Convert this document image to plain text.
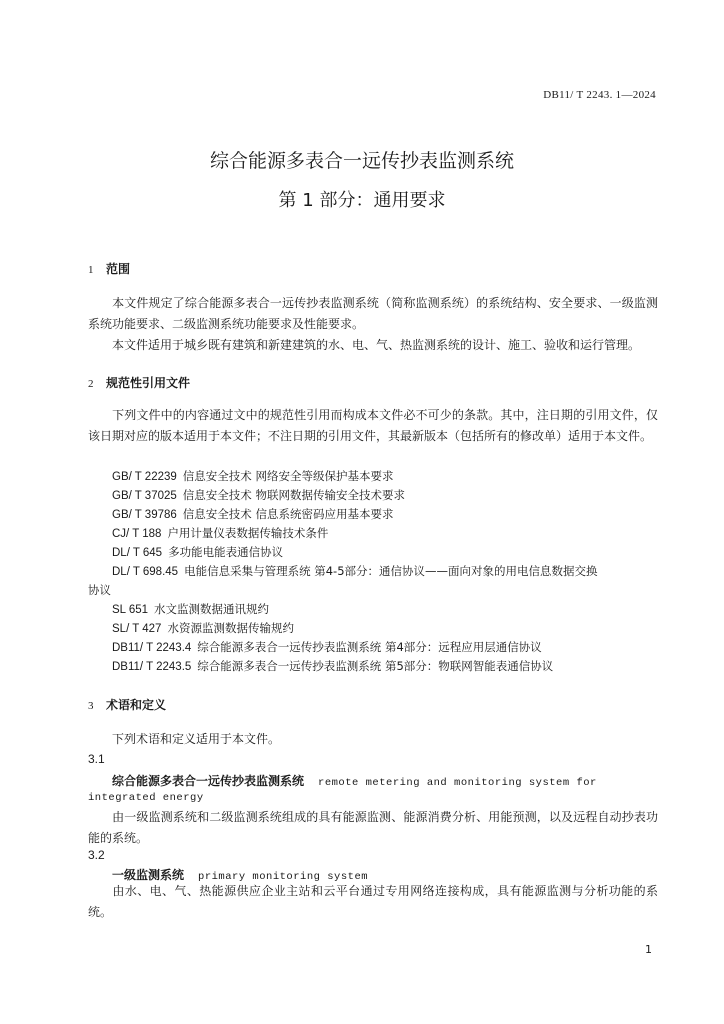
DB11/ T 2243. 1—2024
综合能源多表合一远传抄表监测系统
第 1 部分：通用要求
1 范围
本文件规定了综合能源多表合一远传抄表监测系统（简称监测系统）的系统结构、安全要求、一级监测系统功能要求、二级监测系统功能要求及性能要求。
本文件适用于城乡既有建筑和新建建筑的水、电、气、热监测系统的设计、施工、验收和运行管理。
2 规范性引用文件
下列文件中的内容通过文中的规范性引用而构成本文件必不可少的条款。其中，注日期的引用文件，仅该日期对应的版本适用于本文件；不注日期的引用文件，其最新版本（包括所有的修改单）适用于本文件。
GB/ T 22239 信息安全技术 网络安全等级保护基本要求
GB/ T 37025 信息安全技术 物联网数据传输安全技术要求
GB/ T 39786 信息安全技术 信息系统密码应用基本要求
CJ/ T 188 户用计量仪表数据传输技术条件
DL/ T 645 多功能电能表通信协议
DL/ T 698.45 电能信息采集与管理系统 第4-5部分：通信协议——面向对象的用电信息数据交换
协议
SL 651 水文监测数据通讯规约
SL/ T 427 水资源监测数据传输规约
DB11/ T 2243.4 综合能源多表合一远传抄表监测系统 第4部分：远程应用层通信协议
DB11/ T 2243.5 综合能源多表合一远传抄表监测系统 第5部分：物联网智能表通信协议
3 术语和定义
下列术语和定义适用于本文件。
3.1
综合能源多表合一远传抄表监测系统 remote metering and monitoring system for
integrated energy
由一级监测系统和二级监测系统组成的具有能源监测、能源消费分析、用能预测，以及远程自动抄表功能的系统。
3.2
一级监测系统 primary monitoring system
由水、电、气、热能源供应企业主站和云平台通过专用网络连接构成，具有能源监测与分析功能的系统。
1
